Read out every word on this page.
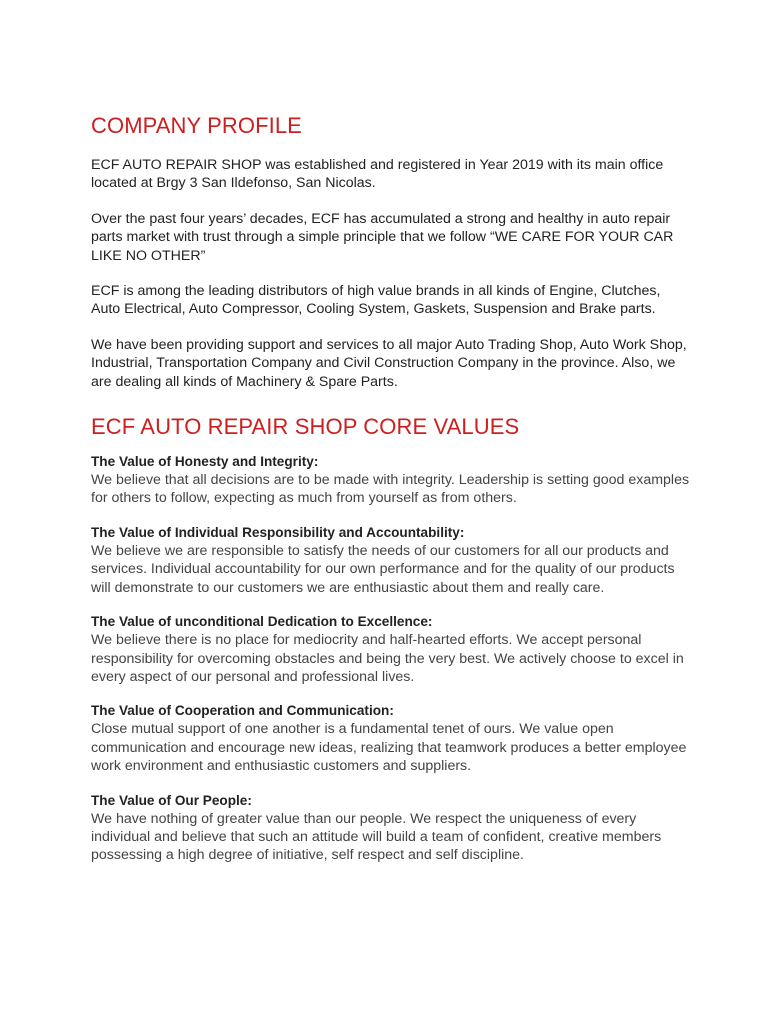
COMPANY PROFILE

ECF AUTO REPAIR SHOP was established and registered in Year 2019 with its main office located at Brgy 3 San Ildefonso, San Nicolas.

Over the past four years’ decades, ECF has accumulated a strong and healthy in auto repair parts market with trust through a simple principle that we follow “WE CARE FOR YOUR CAR LIKE NO OTHER”

ECF is among the leading distributors of high value brands in all kinds of Engine, Clutches, Auto Electrical, Auto Compressor, Cooling System, Gaskets, Suspension and Brake parts.

We have been providing support and services to all major Auto Trading Shop, Auto Work Shop, Industrial, Transportation Company and Civil Construction Company in the province. Also, we are dealing all kinds of Machinery & Spare Parts.

ECF AUTO REPAIR SHOP CORE VALUES

The Value of Honesty and Integrity:

We believe that all decisions are to be made with integrity. Leadership is setting good examples for others to follow, expecting as much from yourself as from others.

The Value of Individual Responsibility and Accountability:

We believe we are responsible to satisfy the needs of our customers for all our products and services. Individual accountability for our own performance and for the quality of our products will demonstrate to our customers we are enthusiastic about them and really care.

The Value of unconditional Dedication to Excellence:

We believe there is no place for mediocrity and half-hearted efforts. We accept personal responsibility for overcoming obstacles and being the very best. We actively choose to excel in every aspect of our personal and professional lives.

The Value of Cooperation and Communication:

Close mutual support of one another is a fundamental tenet of ours. We value open communication and encourage new ideas, realizing that teamwork produces a better employee work environment and enthusiastic customers and suppliers.

The Value of Our People:

We have nothing of greater value than our people. We respect the uniqueness of every individual and believe that such an attitude will build a team of confident, creative members possessing a high degree of initiative, self respect and self discipline.
